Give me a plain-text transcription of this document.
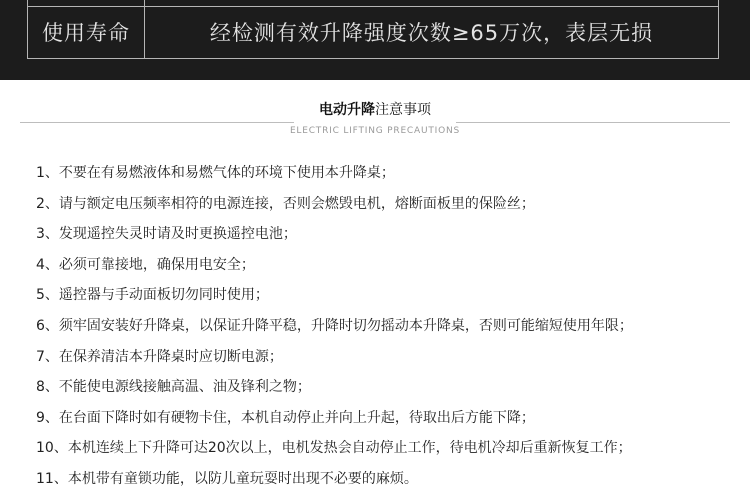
使用寿命	经检测有效升降强度次数≥65万次，表层无损
电动升降注意事项
ELECTRIC LIFTING PRECAUTIONS
1、不要在有易燃液体和易燃气体的环境下使用本升降桌；
2、请与额定电压频率相符的电源连接，否则会燃毁电机，熔断面板里的保险丝；
3、发现遥控失灵时请及时更换遥控电池；
4、必须可靠接地，确保用电安全；
5、遥控器与手动面板切勿同时使用；
6、须牢固安装好升降桌，以保证升降平稳，升降时切勿摇动本升降桌，否则可能缩短使用年限；
7、在保养清洁本升降桌时应切断电源；
8、不能使电源线接触高温、油及锋利之物；
9、在台面下降时如有硬物卡住，本机自动停止并向上升起，待取出后方能下降；
10、本机连续上下升降可达20次以上，电机发热会自动停止工作，待电机冷却后重新恢复工作；
11、本机带有童锁功能，以防儿童玩耍时出现不必要的麻烦。
